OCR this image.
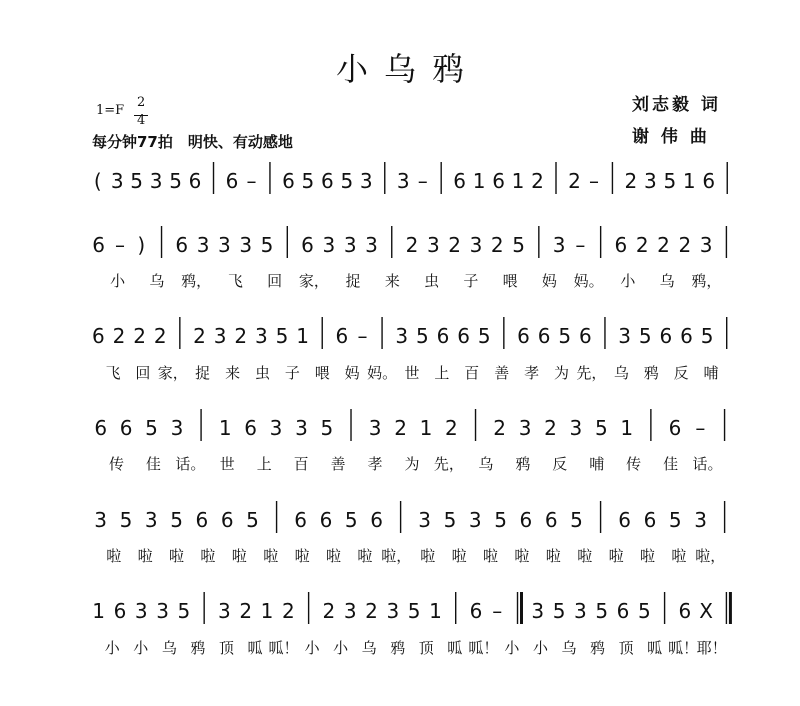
小乌鸦
1=F
2
4
每分钟77拍　明快、有动感地
刘志毅 词
谢 伟 曲
( 3 5 3 5 6 6 – 6 5 6 5 3 3 – 6 1 6 1 2 2 – 2 3 5 1 6
6 – ) 6 3 3 3 5 6 3 3 3 2 3 2 3 2 5 3 – 6 2 2 2 3
小 乌 鸦， 飞 回 家， 捉 来 虫 子 喂 妈 妈。 小 乌 鸦，
6 2 2 2 2 3 2 3 5 1 6 – 3 5 6 6 5 6 6 5 6 3 5 6 6 5
飞 回 家， 捉 来 虫 子 喂 妈 妈。 世 上 百 善 孝 为 先， 乌 鸦 反 哺
6 6 5 3 1 6 3 3 5 3 2 1 2 2 3 2 3 5 1 6 –
传 佳 话。 世 上 百 善 孝 为 先， 乌 鸦 反 哺 传 佳 话。
3 5 3 5 6 6 5 6 6 5 6 3 5 3 5 6 6 5 6 6 5 3
啦 啦 啦 啦 啦 啦 啦 啦 啦 啦， 啦 啦 啦 啦 啦 啦 啦 啦 啦 啦，
1 6 3 3 5 3 2 1 2 2 3 2 3 5 1 6 – 3 5 3 5 6 5 6 X
小 小 乌 鸦 顶 呱 呱！ 小 小 乌 鸦 顶 呱 呱！ 小 小 乌 鸦 顶 呱 呱！
耶！
